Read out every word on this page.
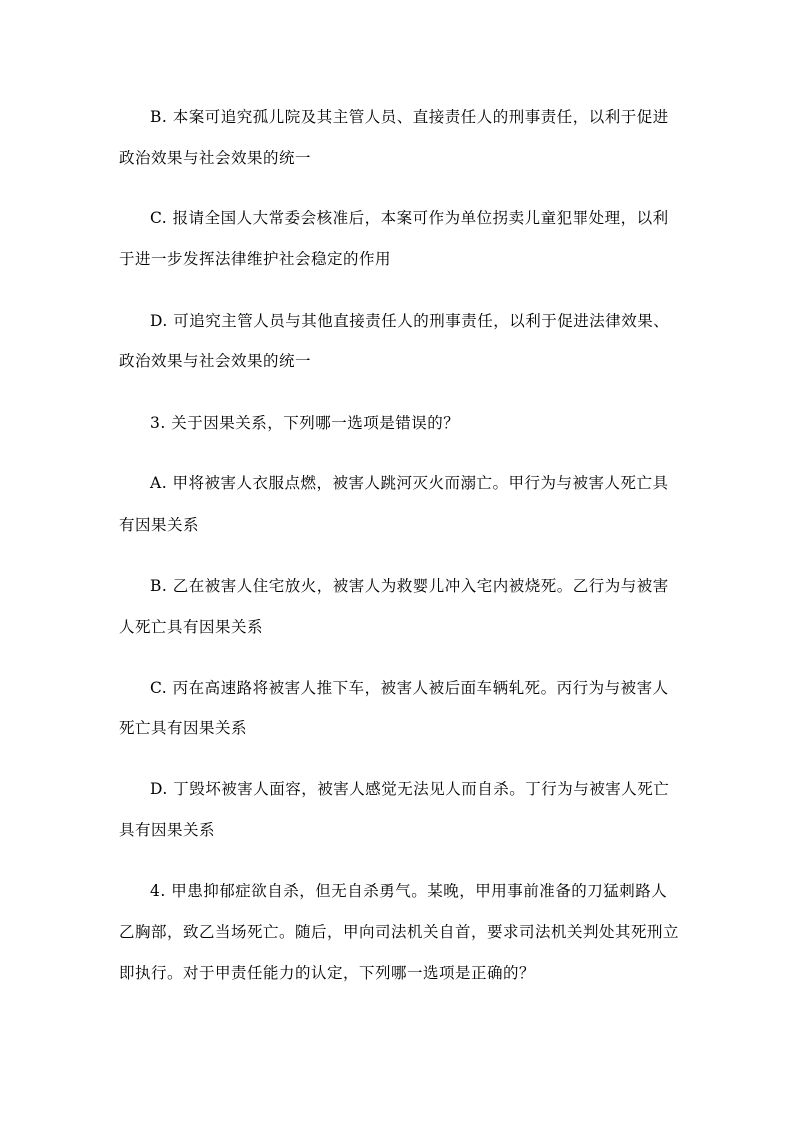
B. 本案可追究孤儿院及其主管人员、直接责任人的刑事责任，以利于促进
政治效果与社会效果的统一
C. 报请全国人大常委会核准后，本案可作为单位拐卖儿童犯罪处理，以利
于进一步发挥法律维护社会稳定的作用
D. 可追究主管人员与其他直接责任人的刑事责任，以利于促进法律效果、
政治效果与社会效果的统一
3. 关于因果关系，下列哪一选项是错误的？
A. 甲将被害人衣服点燃，被害人跳河灭火而溺亡。甲行为与被害人死亡具
有因果关系
B. 乙在被害人住宅放火，被害人为救婴儿冲入宅内被烧死。乙行为与被害
人死亡具有因果关系
C. 丙在高速路将被害人推下车，被害人被后面车辆轧死。丙行为与被害人
死亡具有因果关系
D. 丁毁坏被害人面容，被害人感觉无法见人而自杀。丁行为与被害人死亡
具有因果关系
4. 甲患抑郁症欲自杀，但无自杀勇气。某晚，甲用事前准备的刀猛刺路人
乙胸部，致乙当场死亡。随后，甲向司法机关自首，要求司法机关判处其死刑立
即执行。对于甲责任能力的认定，下列哪一选项是正确的？
